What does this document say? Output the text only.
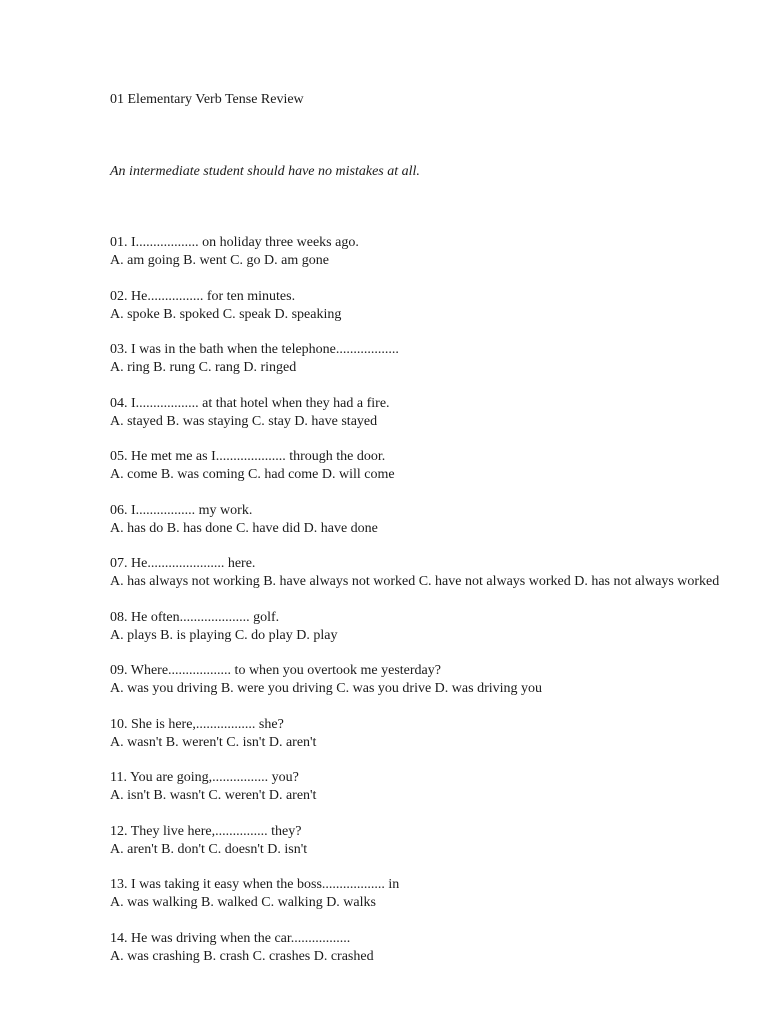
01 Elementary Verb Tense Review
An intermediate student should have no mistakes at all.
01. I.................. on holiday three weeks ago.
A. am going B. went C. go D. am gone
02. He................ for ten minutes.
A. spoke B. spoked C. speak D. speaking
03. I was in the bath when the telephone..................
A. ring B. rung C. rang D. ringed
04. I.................. at that hotel when they had a fire.
A. stayed B. was staying C. stay D. have stayed
05. He met me as I.................... through the door.
A. come B. was coming C. had come D. will come
06. I................. my work.
A. has do B. has done C. have did D. have done
07. He...................... here.
A. has always not working B. have always not worked C. have not always worked D. has not always worked
08. He often.................... golf.
A. plays B. is playing C. do play D. play
09. Where.................. to when you overtook me yesterday?
A. was you driving B. were you driving C. was you drive D. was driving you
10. She is here,................. she?
A. wasn't B. weren't C. isn't D. aren't
11. You are going,................ you?
A. isn't B. wasn't C. weren't D. aren't
12. They live here,............... they?
A. aren't B. don't C. doesn't D. isn't
13. I was taking it easy when the boss.................. in
A. was walking B. walked C. walking D. walks
14. He was driving when the car.................
A. was crashing B. crash C. crashes D. crashed
